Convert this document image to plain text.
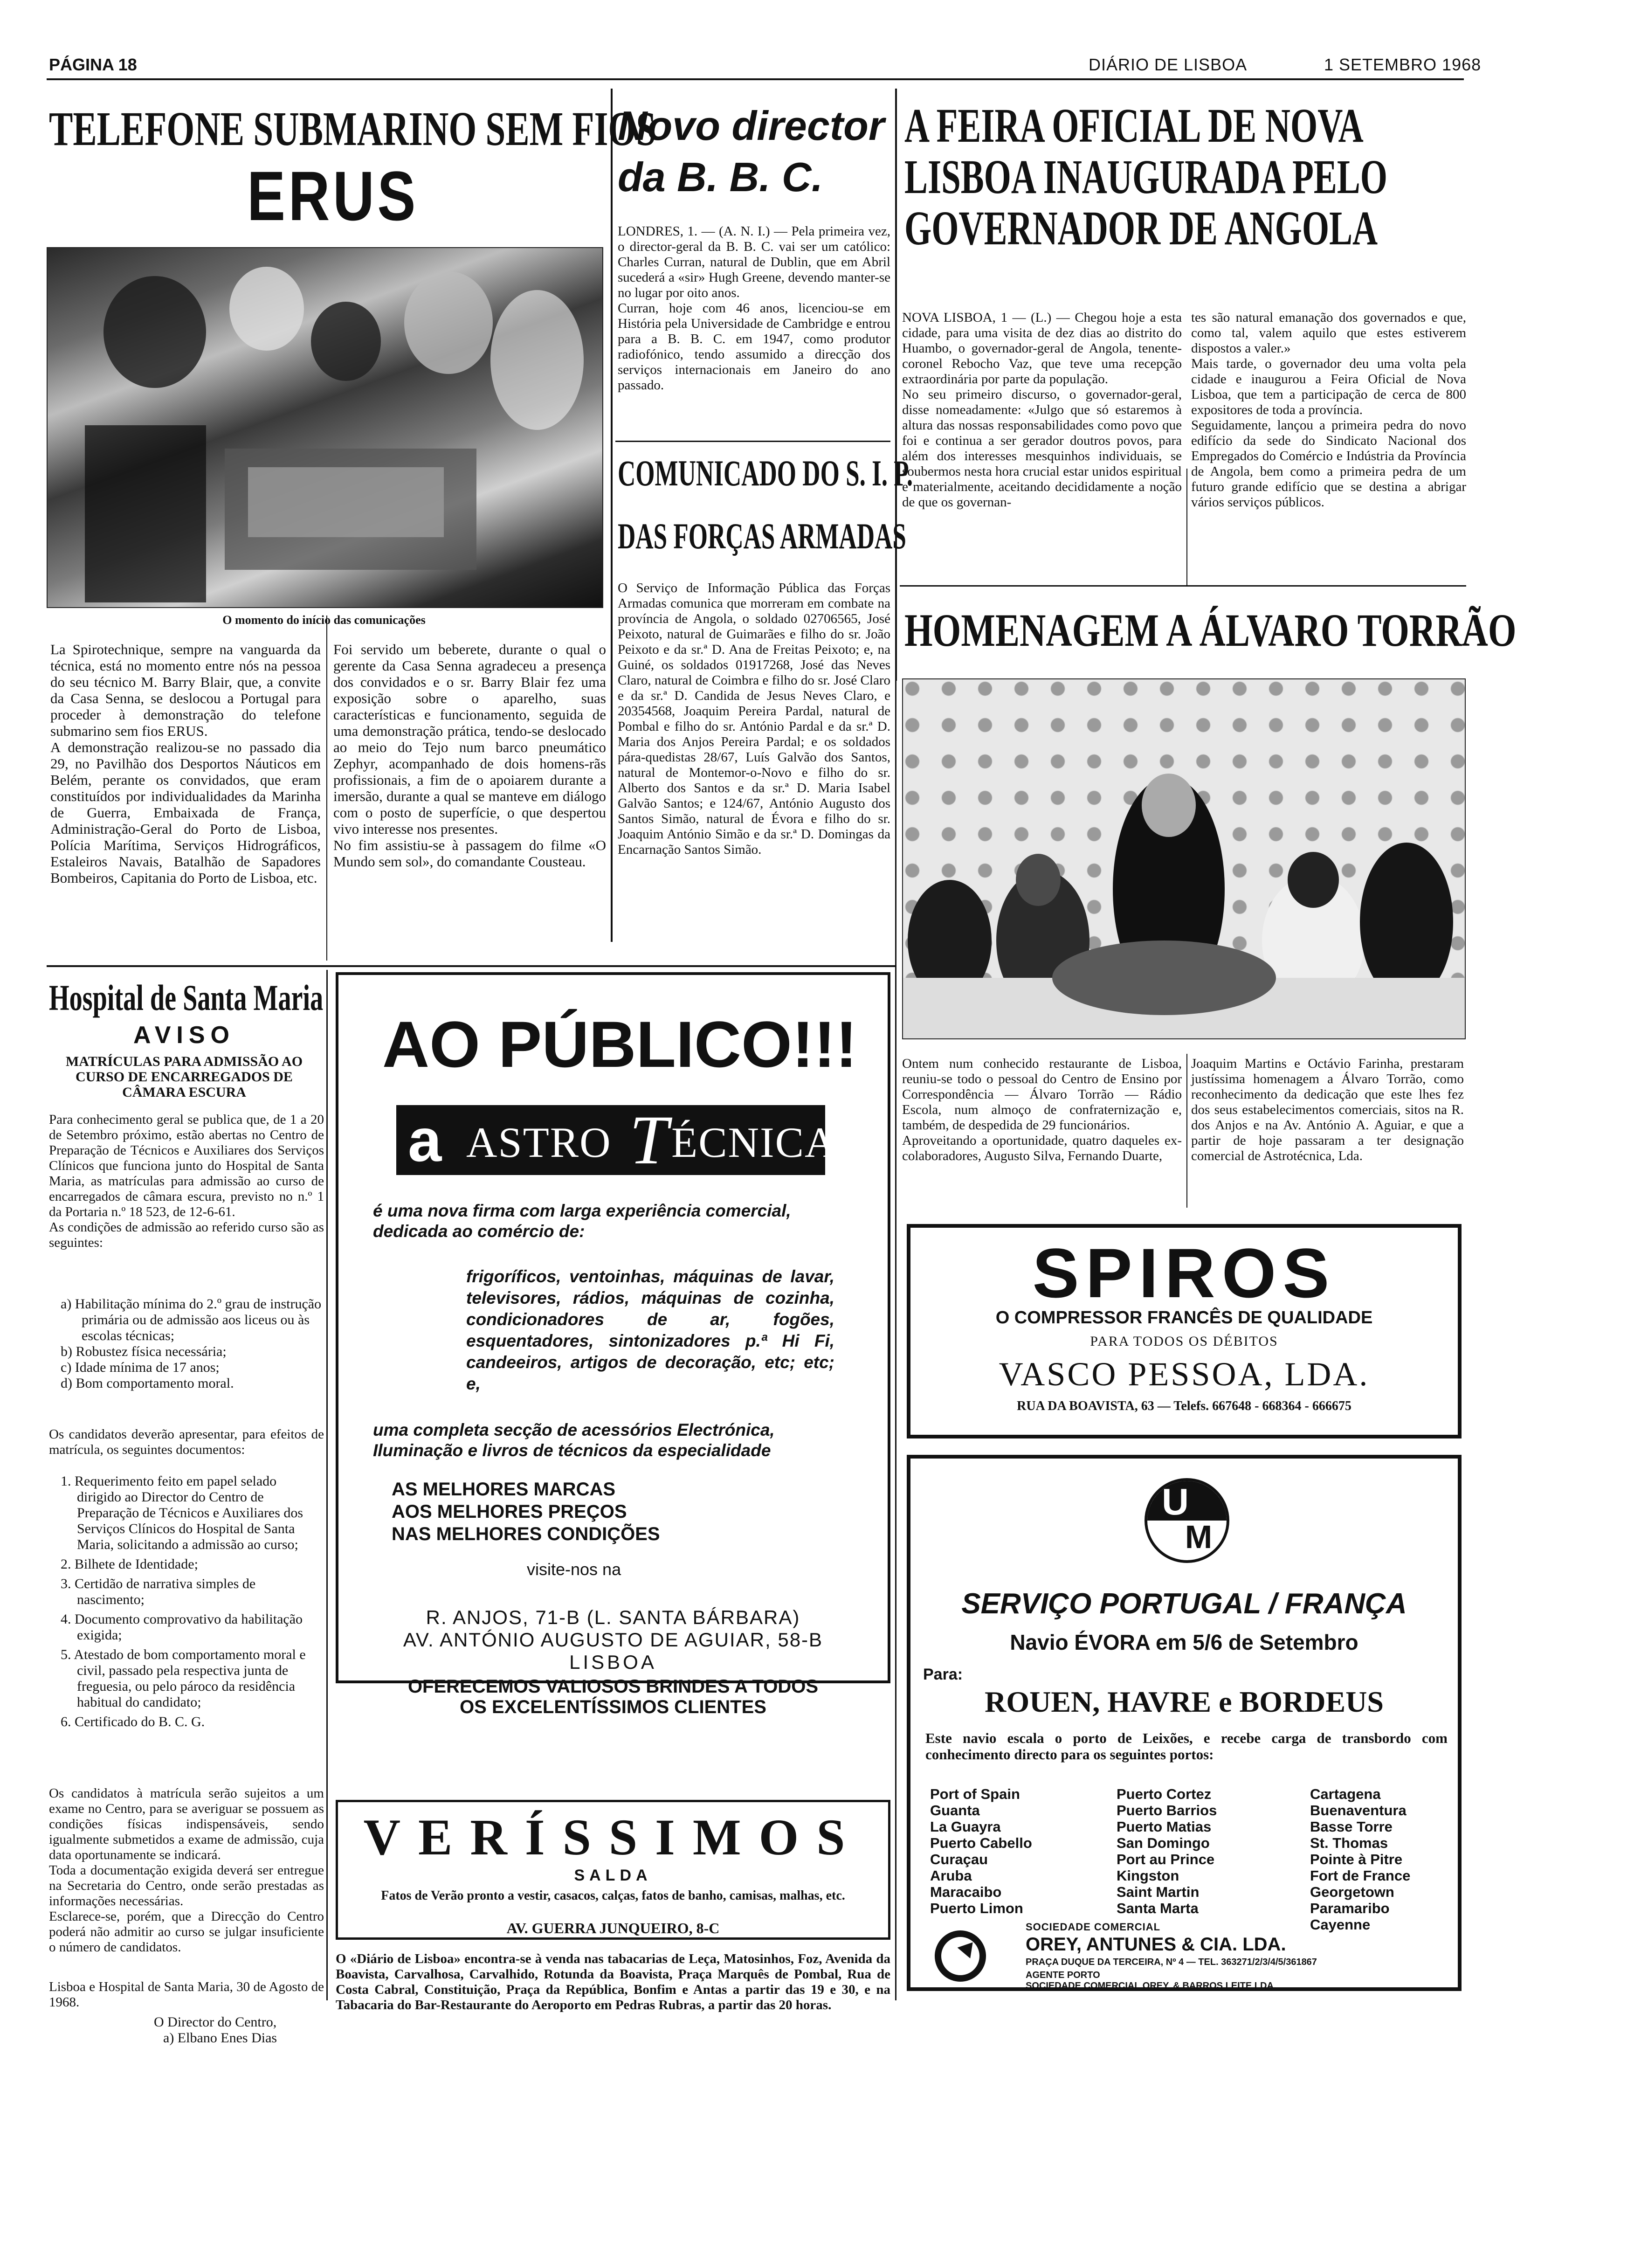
PÁGINA 18	DIÁRIO DE LISBOA	1 SETEMBRO 1968
TELEFONE SUBMARINO SEM FIOS
ERUS
O momento do início das comunicações
La Spirotechnique, sempre na vanguarda da técnica, está no momento entre nós na pessoa do seu técnico M. Barry Blair, que, a convite da Casa Senna, se deslocou a Portugal para proceder à demonstração do telefone submarino sem fios ERUS.
A demonstração realizou-se no passado dia 29, no Pavilhão dos Desportos Náuticos em Belém, perante os convidados, que eram constituídos por individualidades da Marinha de Guerra, Embaixada de França, Administração-Geral do Porto de Lisboa, Polícia Marítima, Serviços Hidrográficos, Estaleiros Navais, Batalhão de Sapadores Bombeiros, Capitania do Porto de Lisboa, etc.
Foi servido um beberete, durante o qual o gerente da Casa Senna agradeceu a presença dos convidados e o sr. Barry Blair fez uma exposição sobre o aparelho, suas características e funcionamento, seguida de uma demonstração prática, tendo-se deslocado ao meio do Tejo num barco pneumático Zephyr, acompanhado de dois homens-rãs profissionais, a fim de o apoiarem durante a imersão, durante a qual se manteve em diálogo com o posto de superfície, o que despertou vivo interesse nos presentes.
No fim assistiu-se à passagem do filme «O Mundo sem sol», do comandante Cousteau.
Novo director da B. B. C.
LONDRES, 1. — (A. N. I.) — Pela primeira vez, o director-geral da B. B. C. vai ser um católico: Charles Curran, natural de Dublin, que em Abril sucederá a «sir» Hugh Greene, devendo manter-se no lugar por oito anos.
Curran, hoje com 46 anos, licenciou-se em História pela Universidade de Cambridge e entrou para a B. B. C. em 1947, como produtor radiofónico, tendo assumido a direcção dos serviços internacionais em Janeiro do ano passado.
COMUNICADO DO S. I. P.
DAS FORÇAS ARMADAS
O Serviço de Informação Pública das Forças Armadas comunica que morreram em combate na província de Angola, o soldado 02706565, José Peixoto, natural de Guimarães e filho do sr. João Peixoto e da sr.ª D. Ana de Freitas Peixoto; e, na Guiné, os soldados 01917268, José das Neves Claro, natural de Coimbra e filho do sr. José Claro e da sr.ª D. Candida de Jesus Neves Claro, e 20354568, Joaquim Pereira Pardal, natural de Pombal e filho do sr. António Pardal e da sr.ª D. Maria dos Anjos Pereira Pardal; e os soldados pára-quedistas 28/67, Luís Galvão dos Santos, natural de Montemor-o-Novo e filho do sr. Alberto dos Santos e da sr.ª D. Maria Isabel Galvão Santos; e 124/67, António Augusto dos Santos Simão, natural de Évora e filho do sr. Joaquim António Simão e da sr.ª D. Domingas da Encarnação Santos Simão.
A FEIRA OFICIAL DE NOVA LISBOA INAUGURADA PELO GOVERNADOR DE ANGOLA
NOVA LISBOA, 1 — (L.) — Chegou hoje a esta cidade, para uma visita de dez dias ao distrito do Huambo, o governador-geral de Angola, tenente-coronel Rebocho Vaz, que teve uma recepção extraordinária por parte da população.
No seu primeiro discurso, o governador-geral, disse nomeadamente: «Julgo que só estaremos à altura das nossas responsabilidades como povo que foi e continua a ser gerador doutros povos, para além dos interesses mesquinhos individuais, se soubermos nesta hora crucial estar unidos espiritual e materialmente, aceitando decididamente a noção de que os governan-
tes são natural emanação dos governados e que, como tal, valem aquilo que estes estiverem dispostos a valer.»
Mais tarde, o governador deu uma volta pela cidade e inaugurou a Feira Oficial de Nova Lisboa, que tem a participação de cerca de 800 expositores de toda a província.
Seguidamente, lançou a primeira pedra do novo edifício da sede do Sindicato Nacional dos Empregados do Comércio e Indústria da Província de Angola, bem como a primeira pedra de um futuro grande edifício que se destina a abrigar vários serviços públicos.
HOMENAGEM A ÁLVARO TORRÃO
Ontem num conhecido restaurante de Lisboa, reuniu-se todo o pessoal do Centro de Ensino por Correspondência — Álvaro Torrão — Rádio Escola, num almoço de confraternização e, também, de despedida de 29 funcionários.
Aproveitando a oportunidade, quatro daqueles ex-colaboradores, Augusto Silva, Fernando Duarte,
Joaquim Martins e Octávio Farinha, prestaram justíssima homenagem a Álvaro Torrão, como reconhecimento da dedicação que este lhes fez dos seus estabelecimentos comerciais, sitos na R. dos Anjos e na Av. António A. Aguiar, e que a partir de hoje passaram a ter designação comercial de Astrotécnica, Lda.
Hospital de Santa Maria
AVISO
MATRÍCULAS PARA ADMISSÃO AO CURSO DE ENCARREGADOS DE CÂMARA ESCURA
Para conhecimento geral se publica que, de 1 a 20 de Setembro próximo, estão abertas no Centro de Preparação de Técnicos e Auxiliares dos Serviços Clínicos que funciona junto do Hospital de Santa Maria, as matrículas para admissão ao curso de encarregados de câmara escura, previsto no n.º 1 da Portaria n.º 18 523, de 12-6-61.
As condições de admissão ao referido curso são as seguintes:
a) Habilitação mínima do 2.º grau de instrução primária ou de admissão aos liceus ou às escolas técnicas;
b) Robustez física necessária;
c) Idade mínima de 17 anos;
d) Bom comportamento moral.
Os candidatos deverão apresentar, para efeitos de matrícula, os seguintes documentos:
1. Requerimento feito em papel selado dirigido ao Director do Centro de Preparação de Técnicos e Auxiliares dos Serviços Clínicos do Hospital de Santa Maria, solicitando a admissão ao curso;
2. Bilhete de Identidade;
3. Certidão de narrativa simples de nascimento;
4. Documento comprovativo da habilitação exigida;
5. Atestado de bom comportamento moral e civil, passado pela respectiva junta de freguesia, ou pelo pároco da residência habitual do candidato;
6. Certificado do B. C. G.
Os candidatos à matrícula serão sujeitos a um exame no Centro, para se averiguar se possuem as condições físicas indispensáveis, sendo igualmente submetidos a exame de admissão, cuja data oportunamente se indicará.
Toda a documentação exigida deverá ser entregue na Secretaria do Centro, onde serão prestadas as informações necessárias.
Esclarece-se, porém, que a Direcção do Centro poderá não admitir ao curso se julgar insuficiente o número de candidatos.
Lisboa e Hospital de Santa Maria, 30 de Agosto de 1968.
O Director do Centro,
a) Elbano Enes Dias
AO PÚBLICO!!!
a ASTRO T ÉCNICA
é uma nova firma com larga experiência comercial, dedicada ao comércio de:
frigoríficos, ventoinhas, máquinas de lavar, televisores, rádios, máquinas de cozinha, condicionadores de ar, fogões, esquentadores, sintonizadores p.ª Hi Fi, candeeiros, artigos de decoração, etc; etc; e,
uma completa secção de acessórios Electrónica, Iluminação e livros de técnicos da especialidade
AS MELHORES MARCAS
AOS MELHORES PREÇOS
NAS MELHORES CONDIÇÕES
visite-nos na
R. ANJOS, 71-B (L. SANTA BÁRBARA)
AV. ANTÓNIO AUGUSTO DE AGUIAR, 58-B
LISBOA
OFERECEMOS VALIOSOS BRINDES A TODOS
OS EXCELENTÍSSIMOS CLIENTES
VERÍSSIMOS
SALDA
Fatos de Verão pronto a vestir, casacos, calças, fatos de banho, camisas, malhas, etc.
AV. GUERRA JUNQUEIRO, 8-C
O «Diário de Lisboa» encontra-se à venda nas tabacarias de Leça, Matosinhos, Foz, Avenida da Boavista, Carvalhosa, Carvalhido, Rotunda da Boavista, Praça Marquês de Pombal, Rua de Costa Cabral, Constituição, Praça da República, Bonfim e Antas a partir das 19 e 30, e na Tabacaria do Bar-Restaurante do Aeroporto em Pedras Rubras, a partir das 20 horas.
SPIROS
O COMPRESSOR FRANCÊS DE QUALIDADE
PARA TODOS OS DÉBITOS
VASCO PESSOA, LDA.
RUA DA BOAVISTA, 63 — Telefs. 667648 - 668364 - 666675
U
M
SERVIÇO PORTUGAL / FRANÇA
Navio ÉVORA em 5/6 de Setembro
Para:
ROUEN, HAVRE e BORDEUS
Este navio escala o porto de Leixões, e recebe carga de transbordo com conhecimento directo para os seguintes portos:
Port of Spain
Guanta
La Guayra
Puerto Cabello
Curaçau
Aruba
Maracaibo
Puerto Limon
Puerto Cortez
Puerto Barrios
Puerto Matias
San Domingo
Port au Prince
Kingston
Saint Martin
Santa Marta
Cartagena
Buenaventura
Basse Torre
St. Thomas
Pointe à Pitre
Fort de France
Georgetown
Paramaribo
Cayenne
SOCIEDADE COMERCIAL
OREY, ANTUNES & CIA. LDA.
PRAÇA DUQUE DA TERCEIRA, Nº 4 — TEL. 363271/2/3/4/5/361867
AGENTE PORTO
SOCIEDADE COMERCIAL OREY, & BARROS LEITE LDA.
